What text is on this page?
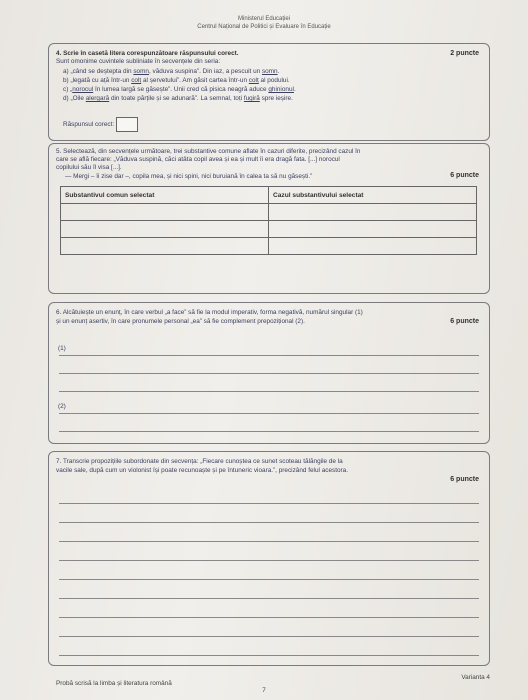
Ministerul Educației
Centrul Național de Politici și Evaluare în Educație
4. Scrie în casetă litera corespunzătoare răspunsului corect.	2 puncte
Sunt omonime cuvintele subliniate în secvențele din seria:
a) „când se deștepta din somn, văduva suspina”. Din iaz, a pescuit un somn.
b) „legată cu ață într-un colț al șervetului”. Am găsit cartea într-un colț al podului.
c) „norocul în lumea largă se găsește”. Unii cred că pisica neagră aduce ghinionul.
d) „Oile alergară din toate părțile și se adunară”. La semnal, toți fugiră spre ieșire.
Răspunsul corect:
5. Selectează, din secvențele următoare, trei substantive comune aflate în cazuri diferite, precizând cazul în
care se află fiecare: „Văduva suspină, căci atâta copil avea și ea și mult îi era dragă fata. [...] norocul
copilului său îl visa [...].
— Mergi – îi zise dar –, copila mea, și nici spini, nici buruiană în calea ta să nu găsești.”	6 puncte
Substantivul comun selectat	Cazul substantivului selectat

6. Alcătuiește un enunț, în care verbul „a face” să fie la modul imperativ, forma negativă, numărul singular (1)
și un enunț asertiv, în care pronumele personal „ea” să fie complement prepozițional (2).	6 puncte
(1)
(2)
7. Transcrie propozițiile subordonate din secvența: „Fiecare cunoștea ce sunet scoteau tălăngile de la
vacile sale, după cum un violonist își poate recunoaște și pe întuneric vioara.”, precizând felul acestora.
6 puncte
Probă scrisă la limba și literatura română
Varianta 4
7
